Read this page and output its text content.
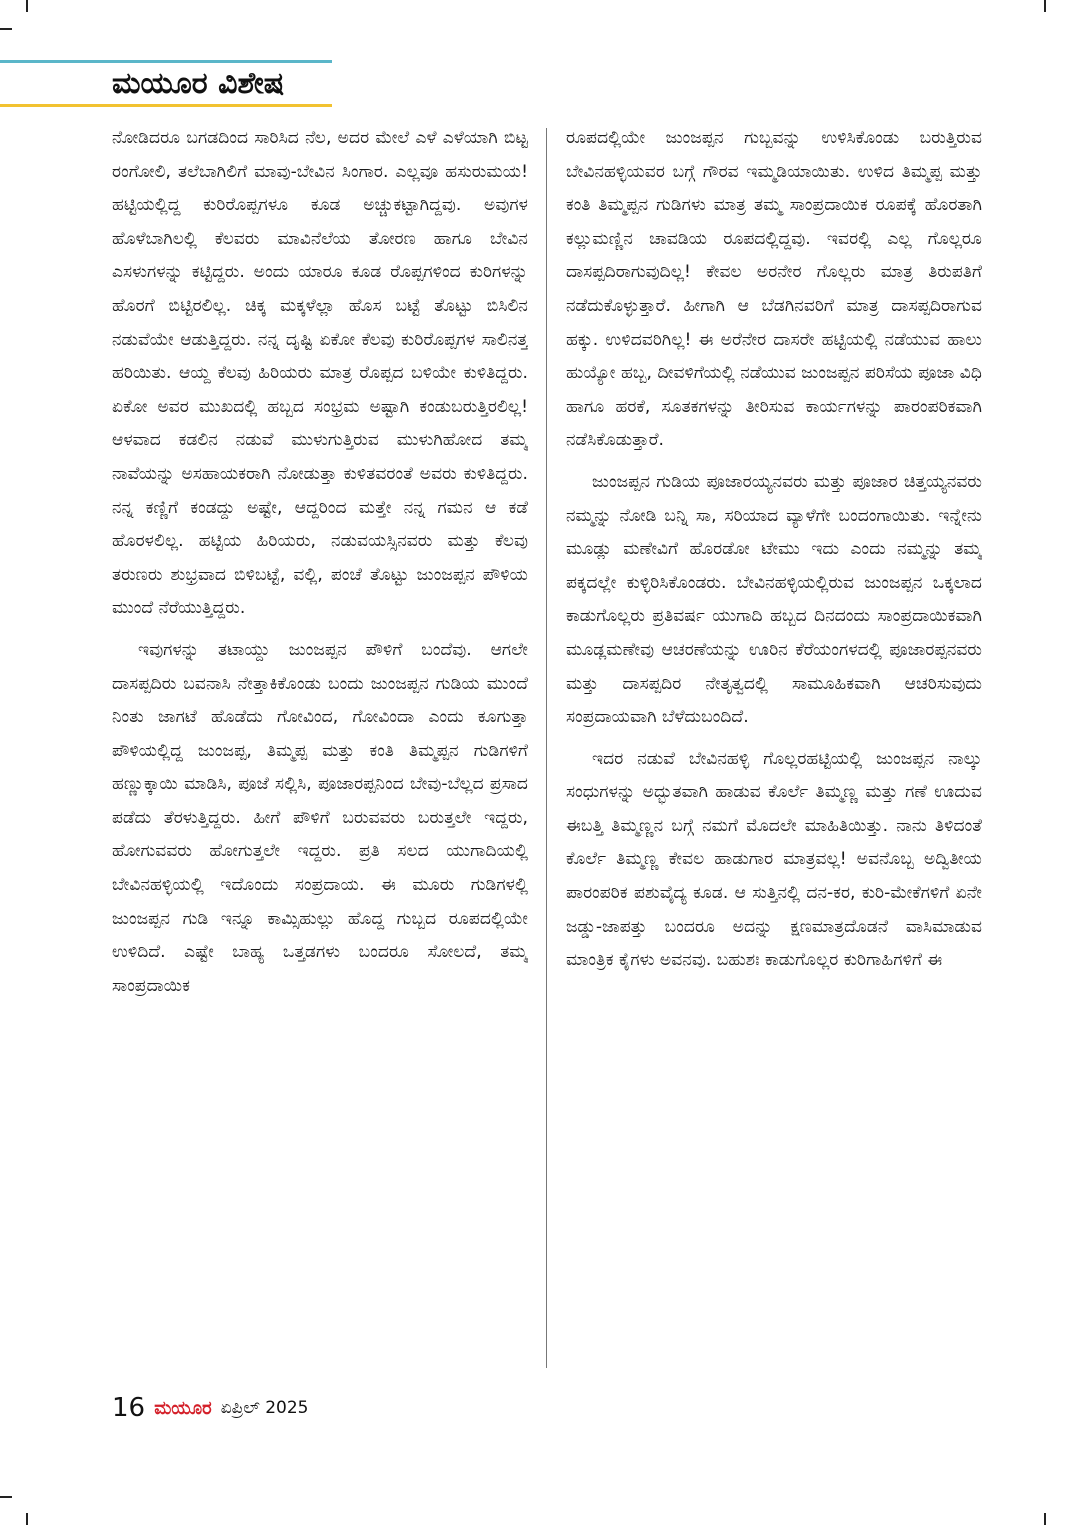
ಮಯೂರ ವಿಶೇಷ

ನೋಡಿದರೂ ಬಗಡದಿಂದ ಸಾರಿಸಿದ ನೆಲ, ಅದರ ಮೇಲೆ ಎಳೆ ಎಳೆಯಾಗಿ ಬಿಟ್ಟ ರಂಗೋಲಿ, ತಲೆಬಾಗಿಲಿಗೆ ಮಾವು-ಬೇವಿನ ಸಿಂಗಾರ. ಎಲ್ಲವೂ ಹಸುರುಮಯ! ಹಟ್ಟಿಯಲ್ಲಿದ್ದ ಕುರಿರೊಪ್ಪಗಳೂ ಕೂಡ ಅಚ್ಚುಕಟ್ಟಾಗಿದ್ದವು. ಅವುಗಳ ಹೊಳೆಬಾಗಿಲಲ್ಲಿ ಕೆಲವರು ಮಾವಿನೆಲೆಯ ತೋರಣ ಹಾಗೂ ಬೇವಿನ ಎಸಳುಗಳನ್ನು ಕಟ್ಟಿದ್ದರು. ಅಂದು ಯಾರೂ ಕೂಡ ರೊಪ್ಪಗಳಿಂದ ಕುರಿಗಳನ್ನು ಹೊರಗೆ ಬಿಟ್ಟಿರಲಿಲ್ಲ. ಚಿಕ್ಕ ಮಕ್ಕಳೆಲ್ಲಾ ಹೊಸ ಬಟ್ಟೆ ತೊಟ್ಟು ಬಿಸಿಲಿನ ನಡುವೆಯೇ ಆಡುತ್ತಿದ್ದರು. ನನ್ನ ದೃಷ್ಟಿ ಏಕೋ ಕೆಲವು ಕುರಿರೊಪ್ಪಗಳ ಸಾಲಿನತ್ತ ಹರಿಯಿತು. ಆಯ್ದ ಕೆಲವು ಹಿರಿಯರು ಮಾತ್ರ ರೊಪ್ಪದ ಬಳಿಯೇ ಕುಳಿತಿದ್ದರು. ಏಕೋ ಅವರ ಮುಖದಲ್ಲಿ ಹಬ್ಬದ ಸಂಭ್ರಮ ಅಷ್ಟಾಗಿ ಕಂಡುಬರುತ್ತಿರಲಿಲ್ಲ! ಆಳವಾದ ಕಡಲಿನ ನಡುವೆ ಮುಳುಗುತ್ತಿರುವ ಮುಳುಗಿಹೋದ ತಮ್ಮ ನಾವೆಯನ್ನು ಅಸಹಾಯಕರಾಗಿ ನೋಡುತ್ತಾ ಕುಳಿತವರಂತೆ ಅವರು ಕುಳಿತಿದ್ದರು. ನನ್ನ ಕಣ್ಣಿಗೆ ಕಂಡದ್ದು ಅಷ್ಟೇ, ಆದ್ದರಿಂದ ಮತ್ತೇ ನನ್ನ ಗಮನ ಆ ಕಡೆ ಹೊರಳಲಿಲ್ಲ. ಹಟ್ಟಿಯ ಹಿರಿಯರು, ನಡುವಯಸ್ಸಿನವರು ಮತ್ತು ಕೆಲವು ತರುಣರು ಶುಭ್ರವಾದ ಬಿಳಿಬಟ್ಟೆ, ವಲ್ಲಿ, ಪಂಚೆ ತೊಟ್ಟು ಜುಂಜಪ್ಪನ ಪೌಳಿಯ ಮುಂದೆ ನೆರೆಯುತ್ತಿದ್ದರು.

ಇವುಗಳನ್ನು ತಟಾಯ್ದು ಜುಂಜಪ್ಪನ ಪೌಳಿಗೆ ಬಂದೆವು. ಆಗಲೇ ದಾಸಪ್ಪದಿರು ಬವನಾಸಿ ನೇತ್ತಾಕಿಕೊಂಡು ಬಂದು ಜುಂಜಪ್ಪನ ಗುಡಿಯ ಮುಂದೆ ನಿಂತು ಜಾಗಟೆ ಹೊಡೆದು ಗೋವಿಂದ, ಗೋವಿಂದಾ ಎಂದು ಕೂಗುತ್ತಾ ಪೌಳಿಯಲ್ಲಿದ್ದ ಜುಂಜಪ್ಪ, ತಿಮ್ಮಪ್ಪ ಮತ್ತು ಕಂತಿ ತಿಮ್ಮಪ್ಪನ ಗುಡಿಗಳಿಗೆ ಹಣ್ಣುಕ್ಕಾಯಿ ಮಾಡಿಸಿ, ಪೂಜೆ ಸಲ್ಲಿಸಿ, ಪೂಜಾರಪ್ಪನಿಂದ ಬೇವು-ಬೆಲ್ಲದ ಪ್ರಸಾದ ಪಡೆದು ತೆರಳುತ್ತಿದ್ದರು. ಹೀಗೆ ಪೌಳಿಗೆ ಬರುವವರು ಬರುತ್ತಲೇ ಇದ್ದರು, ಹೋಗುವವರು ಹೋಗುತ್ತಲೇ ಇದ್ದರು. ಪ್ರತಿ ಸಲದ ಯುಗಾದಿಯಲ್ಲಿ ಬೇವಿನಹಳ್ಳಿಯಲ್ಲಿ ಇದೊಂದು ಸಂಪ್ರದಾಯ. ಈ ಮೂರು ಗುಡಿಗಳಲ್ಲಿ ಜುಂಜಪ್ಪನ ಗುಡಿ ಇನ್ನೂ ಕಾಮ್ಸಿಹುಲ್ಲು ಹೊದ್ದ ಗುಬ್ಬದ ರೂಪದಲ್ಲಿಯೇ ಉಳಿದಿದೆ. ಎಷ್ಟೇ ಬಾಹ್ಯ ಒತ್ತಡಗಳು ಬಂದರೂ ಸೋಲದೆ, ತಮ್ಮ ಸಾಂಪ್ರದಾಯಿಕ

ರೂಪದಲ್ಲಿಯೇ ಜುಂಜಪ್ಪನ ಗುಬ್ಬವನ್ನು ಉಳಿಸಿಕೊಂಡು ಬರುತ್ತಿರುವ ಬೇವಿನಹಳ್ಳಿಯವರ ಬಗ್ಗೆ ಗೌರವ ಇಮ್ಮಡಿಯಾಯಿತು. ಉಳಿದ ತಿಮ್ಮಪ್ಪ ಮತ್ತು ಕಂತಿ ತಿಮ್ಮಪ್ಪನ ಗುಡಿಗಳು ಮಾತ್ರ ತಮ್ಮ ಸಾಂಪ್ರದಾಯಿಕ ರೂಪಕ್ಕೆ ಹೊರತಾಗಿ ಕಲ್ಲುಮಣ್ಣಿನ ಚಾವಡಿಯ ರೂಪದಲ್ಲಿದ್ದವು. ಇವರಲ್ಲಿ ಎಲ್ಲ ಗೊಲ್ಲರೂ ದಾಸಪ್ಪದಿರಾಗುವುದಿಲ್ಲ! ಕೇವಲ ಅರನೇರ ಗೊಲ್ಲರು ಮಾತ್ರ ತಿರುಪತಿಗೆ ನಡೆದುಕೊಳ್ಳುತ್ತಾರೆ. ಹೀಗಾಗಿ ಆ ಬೆಡಗಿನವರಿಗೆ ಮಾತ್ರ ದಾಸಪ್ಪದಿರಾಗುವ ಹಕ್ಕು. ಉಳಿದವರಿಗಿಲ್ಲ! ಈ ಅರೆನೇರ ದಾಸರೇ ಹಟ್ಟಿಯಲ್ಲಿ ನಡೆಯುವ ಹಾಲು ಹುಯ್ಯೋ ಹಬ್ಬ, ದೀವಳಿಗೆಯಲ್ಲಿ ನಡೆಯುವ ಜುಂಜಪ್ಪನ ಪರಿಸೆಯ ಪೂಜಾ ವಿಧಿ ಹಾಗೂ ಹರಕೆ, ಸೂತಕಗಳನ್ನು ತೀರಿಸುವ ಕಾರ್ಯಗಳನ್ನು ಪಾರಂಪರಿಕವಾಗಿ ನಡೆಸಿಕೊಡುತ್ತಾರೆ.

ಜುಂಜಪ್ಪನ ಗುಡಿಯ ಪೂಜಾರಯ್ಯನವರು ಮತ್ತು ಪೂಜಾರ ಚಿತ್ತಯ್ಯನವರು ನಮ್ಮನ್ನು ನೋಡಿ ಬನ್ನಿ ಸಾ, ಸರಿಯಾದ ವ್ಯಾಳೆಗೇ ಬಂದಂಗಾಯಿತು. ಇನ್ನೇನು ಮೂಡ್ಲು ಮಣೇವಿಗೆ ಹೊರಡೋ ಟೇಮು ಇದು ಎಂದು ನಮ್ಮನ್ನು ತಮ್ಮ ಪಕ್ಕದಲ್ಲೇ ಕುಳ್ಳಿರಿಸಿಕೊಂಡರು. ಬೇವಿನಹಳ್ಳಿಯಲ್ಲಿರುವ ಜುಂಜಪ್ಪನ ಒಕ್ಕಲಾದ ಕಾಡುಗೊಲ್ಲರು ಪ್ರತಿವರ್ಷ ಯುಗಾದಿ ಹಬ್ಬದ ದಿನದಂದು ಸಾಂಪ್ರದಾಯಿಕವಾಗಿ ಮೂಡ್ಲಮಣೇವು ಆಚರಣೆಯನ್ನು ಊರಿನ ಕೆರೆಯಂಗಳದಲ್ಲಿ ಪೂಜಾರಪ್ಪನವರು ಮತ್ತು ದಾಸಪ್ಪದಿರ ನೇತೃತ್ವದಲ್ಲಿ ಸಾಮೂಹಿಕವಾಗಿ ಆಚರಿಸುವುದು ಸಂಪ್ರದಾಯವಾಗಿ ಬೆಳೆದುಬಂದಿದೆ.

ಇದರ ನಡುವೆ ಬೇವಿನಹಳ್ಳಿ ಗೊಲ್ಲರಹಟ್ಟಿಯಲ್ಲಿ ಜುಂಜಪ್ಪನ ನಾಲ್ಕು ಸಂಧುಗಳನ್ನು ಅದ್ಭುತವಾಗಿ ಹಾಡುವ ಕೊರ್ಲೆ ತಿಮ್ಮಣ್ಣ ಮತ್ತು ಗಣೆ ಊದುವ ಈಬತ್ತಿ ತಿಮ್ಮಣ್ಣನ ಬಗ್ಗೆ ನಮಗೆ ಮೊದಲೇ ಮಾಹಿತಿಯಿತ್ತು. ನಾನು ತಿಳಿದಂತೆ ಕೊರ್ಲೆ ತಿಮ್ಮಣ್ಣ ಕೇವಲ ಹಾಡುಗಾರ ಮಾತ್ರವಲ್ಲ! ಅವನೊಬ್ಬ ಅದ್ವಿತೀಯ ಪಾರಂಪರಿಕ ಪಶುವೈದ್ಯ ಕೂಡ. ಆ ಸುತ್ತಿನಲ್ಲಿ ದನ-ಕರ, ಕುರಿ-ಮೇಕೆಗಳಿಗೆ ಏನೇ ಜಡ್ಡು-ಜಾಪತ್ತು ಬಂದರೂ ಅದನ್ನು ಕ್ಷಣಮಾತ್ರದೊಡನೆ ವಾಸಿಮಾಡುವ ಮಾಂತ್ರಿಕ ಕೈಗಳು ಅವನವು. ಬಹುಶಃ ಕಾಡುಗೊಲ್ಲರ ಕುರಿಗಾಹಿಗಳಿಗೆ ಈ

16 ಮಯೂರ ಏಪ್ರಿಲ್ 2025
